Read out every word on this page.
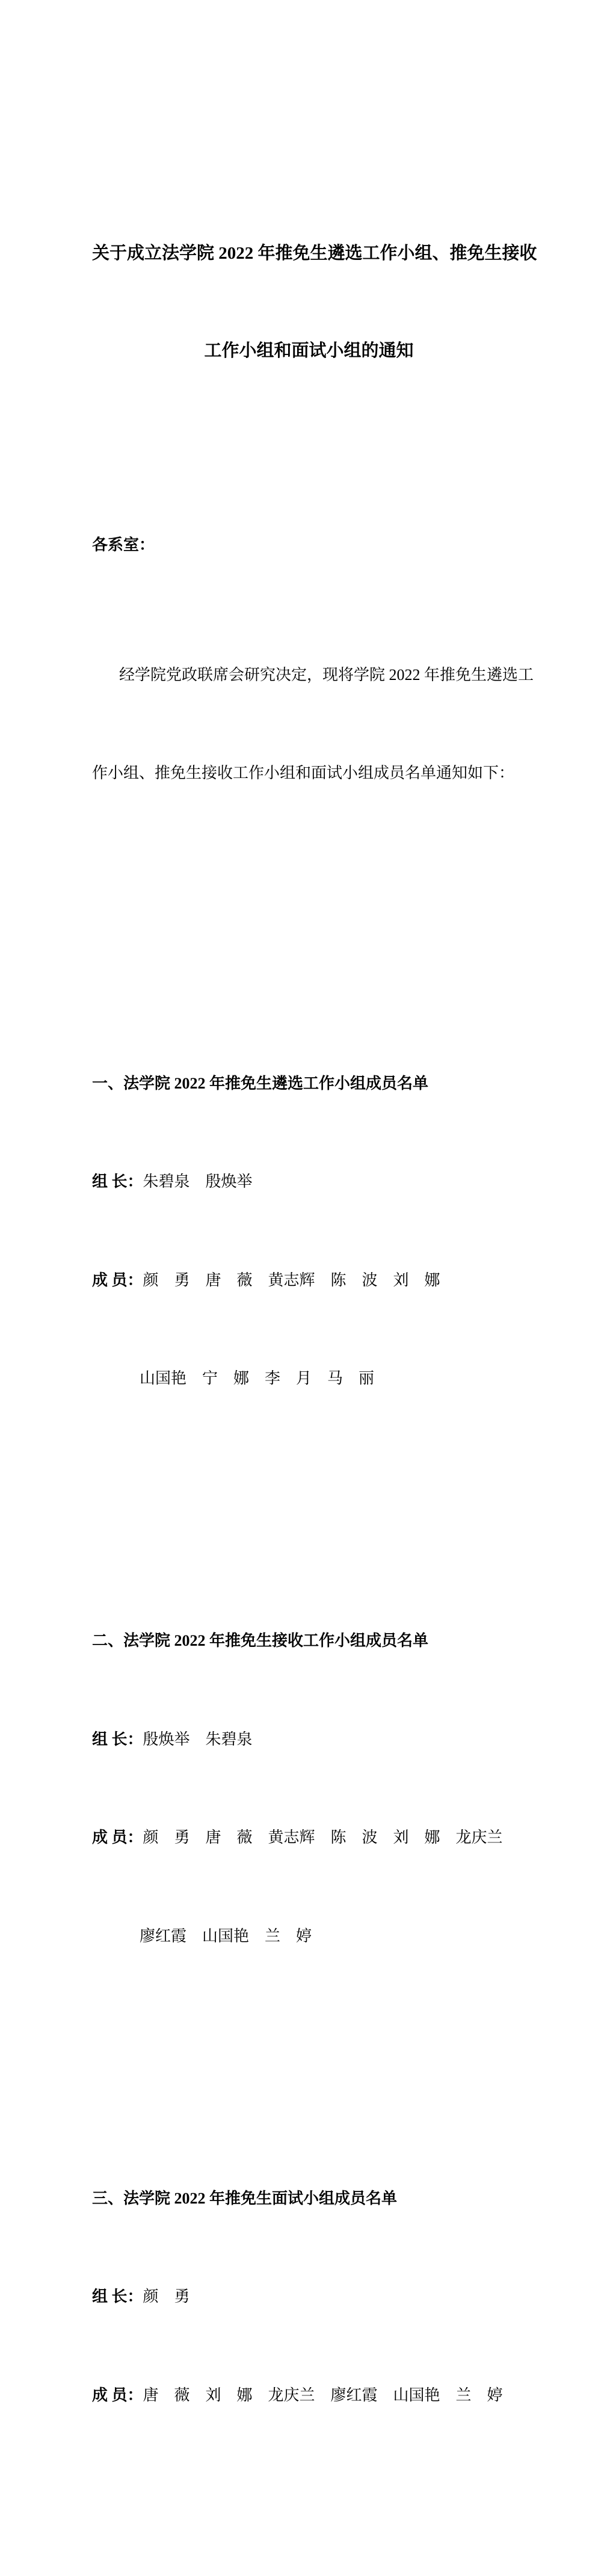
关于成立法学院 2022 年推免生遴选工作小组、推免生接收

工作小组和面试小组的通知

各系室：

经学院党政联席会研究决定，现将学院 2022 年推免生遴选工

作小组、推免生接收工作小组和面试小组成员名单通知如下：

一、法学院 2022 年推免生遴选工作小组成员名单

组 长：朱碧泉　殷焕举

成 员：颜　勇　唐　薇　黄志辉　陈　波　刘　娜

山国艳　宁　娜　李　月　马　丽

二、法学院 2022 年推免生接收工作小组成员名单

组 长：殷焕举　朱碧泉

成 员：颜　勇　唐　薇　黄志辉　陈　波　刘　娜　龙庆兰

廖红霞　山国艳　兰　婷

三、法学院 2022 年推免生面试小组成员名单

组 长：颜　勇

成 员：唐　薇　刘　娜　龙庆兰　廖红霞　山国艳　兰　婷
